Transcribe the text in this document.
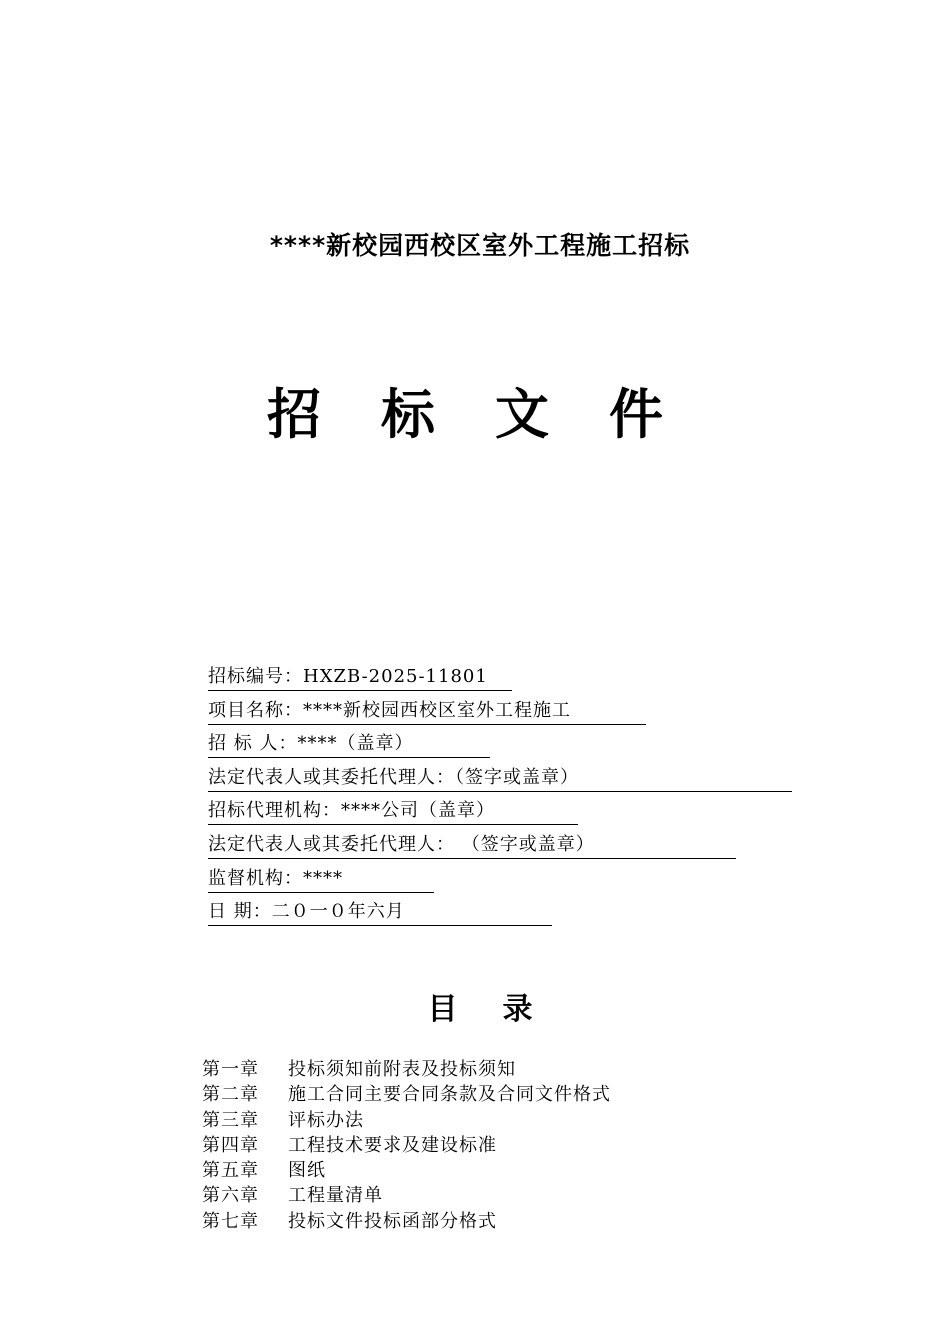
****新校园西校区室外工程施工招标
招标文件
招标编号：HXZB-2025-11801
项目名称：****新校园西校区室外工程施工
招 标 人：****（盖章）
法定代表人或其委托代理人：（签字或盖章）
招标代理机构：****公司（盖章）
法定代表人或其委托代理人： （签字或盖章）
监督机构：****
日 期：二０一０年六月
目录
第一章 投标须知前附表及投标须知
第二章 施工合同主要合同条款及合同文件格式
第三章 评标办法
第四章 工程技术要求及建设标准
第五章 图纸
第六章 工程量清单
第七章 投标文件投标函部分格式
